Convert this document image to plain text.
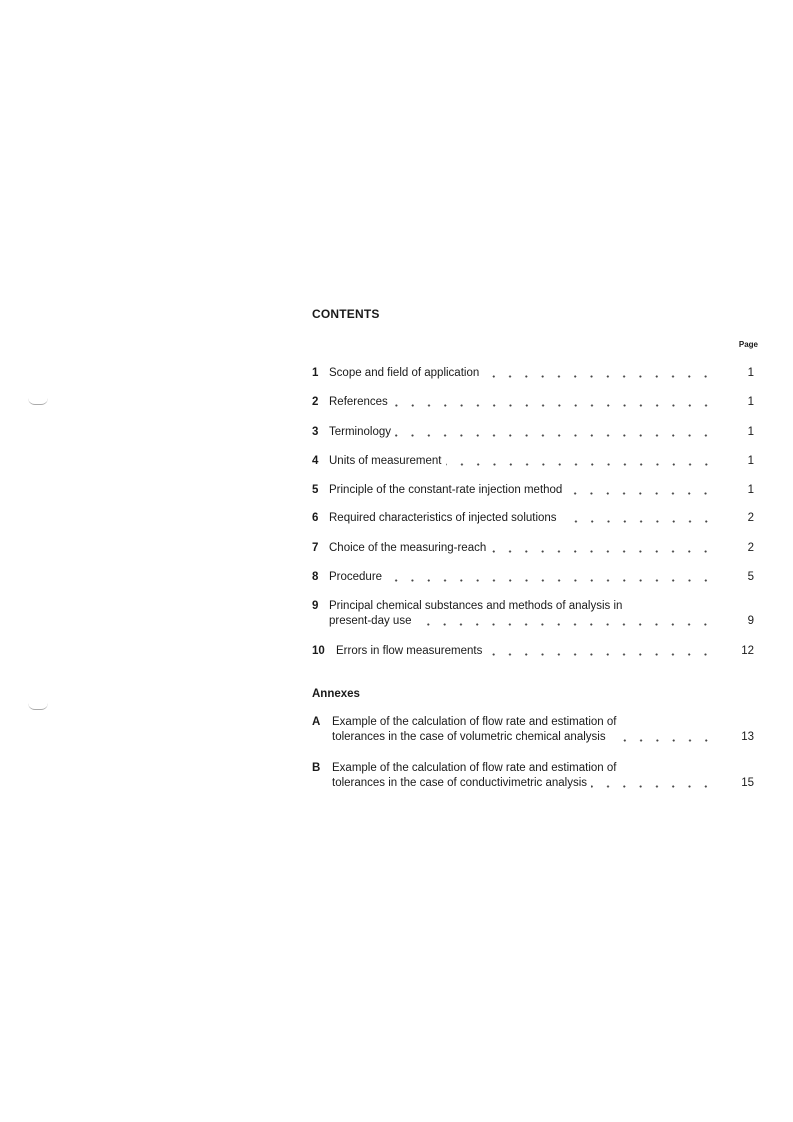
CONTENTS
Page
1 Scope and field of application	1
2 References	1
3 Terminology	1
4 Units of measurement	1
5 Principle of the constant-rate injection method	1
6 Required characteristics of injected solutions	2
7 Choice of the measuring-reach	2
8 Procedure	5
9 Principal chemical substances and methods of analysis in
present-day use	9
10 Errors in flow measurements	12
Annexes
A	Example of the calculation of flow rate and estimation of
tolerances in the case of volumetric chemical analysis	13
B	Example of the calculation of flow rate and estimation of
tolerances in the case of conductivimetric analysis	15
